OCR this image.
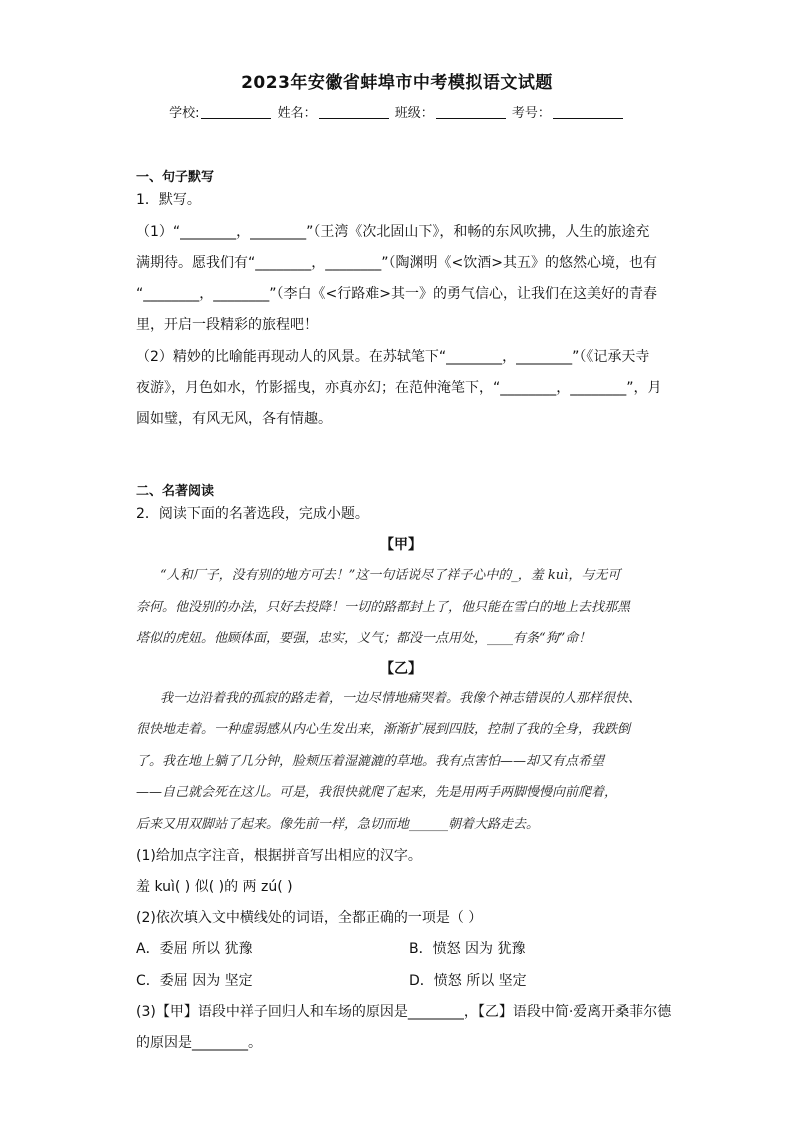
2023年安徽省蚌埠市中考模拟语文试题
学校:	姓名：	班级：	考号：
一、句子默写
1．默写。
（1）“________，________”（王湾《次北固山下》，和畅的东风吹拂，人生的旅途充
满期待。愿我们有“________，________”（陶渊明《<饮酒>其五》的悠然心境，也有
“________，________”（李白《<行路难>其一》的勇气信心，让我们在这美好的青春
里，开启一段精彩的旅程吧！
（2）精妙的比喻能再现动人的风景。在苏轼笔下“________，________”（《记承天寺
夜游》，月色如水，竹影摇曳，亦真亦幻；在范仲淹笔下，“________，________”，月
圆如璧，有风无风，各有情趣。
二、名著阅读
2．阅读下面的名著选段，完成小题。
【甲】
“人和厂子，没有别的地方可去！”这一句话说尽了祥子心中的_，羞 kuì，与无可
奈何。他没别的办法，只好去投降！一切的路都封上了，他只能在雪白的地上去找那黑
塔似的虎妞。他顾体面，要强，忠实，义气；都没一点用处，____有条“狗”命！
【乙】
我一边沿着我的孤寂的路走着，一边尽情地痛哭着。我像个神志错误的人那样很快、
很快地走着。一种虚弱感从内心生发出来，渐渐扩展到四肢，控制了我的全身，我跌倒
了。我在地上躺了几分钟，脸颊压着湿漉漉的草地。我有点害怕——却又有点希望
——自己就会死在这儿。可是，我很快就爬了起来，先是用两手两脚慢慢向前爬着，
后来又用双脚站了起来。像先前一样，急切而地______朝着大路走去。
(1)给加点字注音，根据拼音写出相应的汉字。
羞 kuì( ) 似( )的 两 zú( )
(2)依次填入文中横线处的词语，全都正确的一项是（ ）
A．委屈 所以 犹豫	B．愤怒 因为 犹豫
C．委屈 因为 坚定	D．愤怒 所以 坚定
(3)【甲】语段中祥子回归人和车场的原因是________，【乙】语段中简·爱离开桑菲尔德
的原因是________。
